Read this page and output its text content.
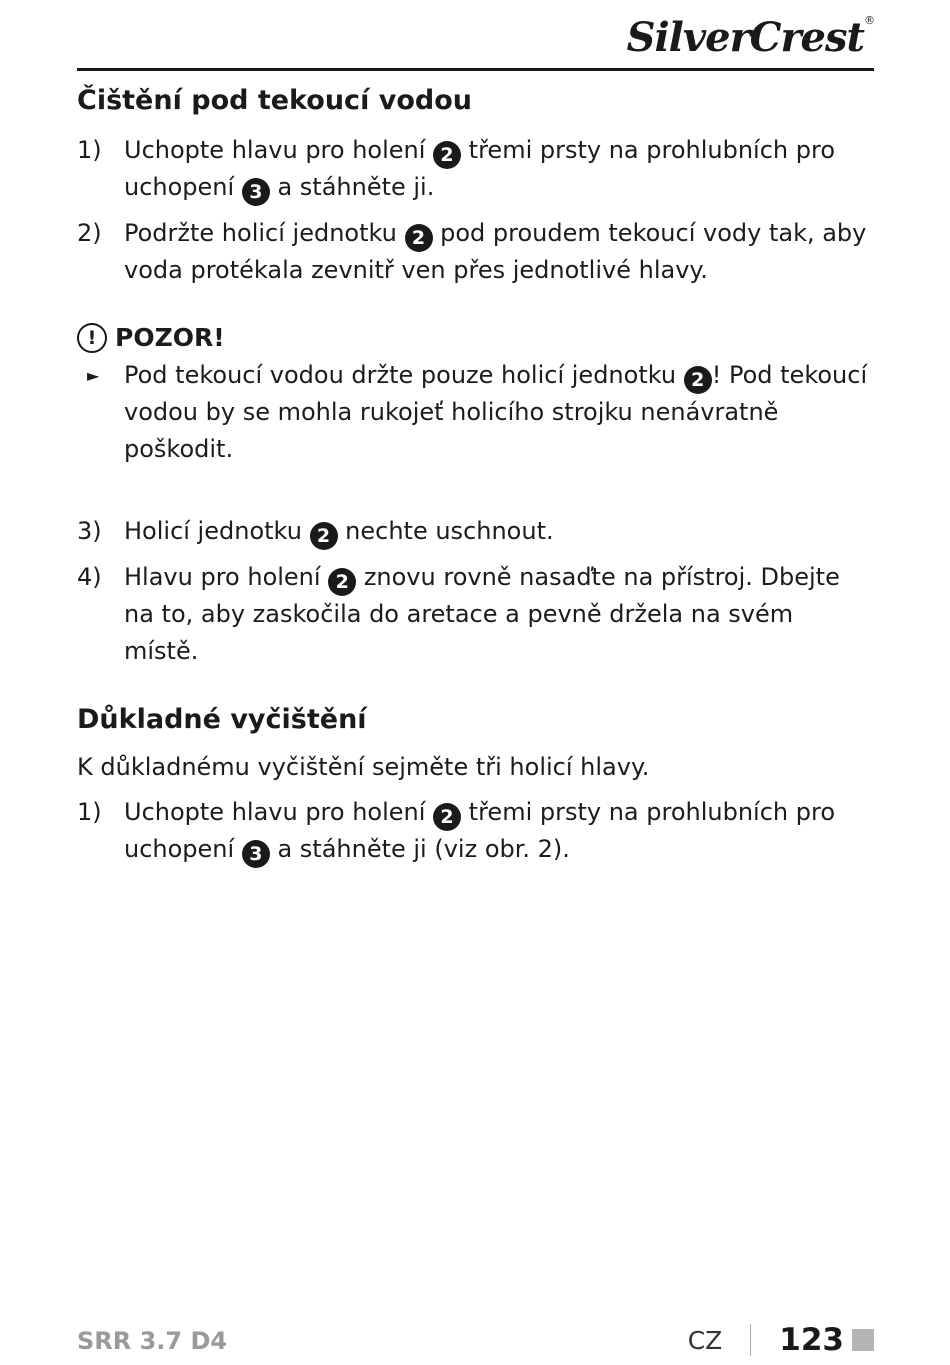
SilverCrest®
Čištění pod tekoucí vodou
1) Uchopte hlavu pro holení 2 třemi prsty na prohlubních pro uchopení 3 a stáhněte ji.
2) Podržte holicí jednotku 2 pod proudem tekoucí vody tak, aby voda protékala zevnitř ven přes jednotlivé hlavy.
! POZOR!
►	Pod tekoucí vodou držte pouze holicí jednotku 2 ! Pod tekoucí vodou by se mohla rukojeť holicího strojku nenávratně poškodit.
3) Holicí jednotku 2 nechte uschnout.
4) Hlavu pro holení 2 znovu rovně nasaďte na přístroj. Dbejte na to, aby zaskočila do aretace a pevně držela na svém místě.
Důkladné vyčištění
K důkladnému vyčištění sejměte tři holicí hlavy.
1) Uchopte hlavu pro holení 2 třemi prsty na prohlubních pro uchopení 3 a stáhněte ji (viz obr. 2).
SRR 3.7 D4	CZ 123
